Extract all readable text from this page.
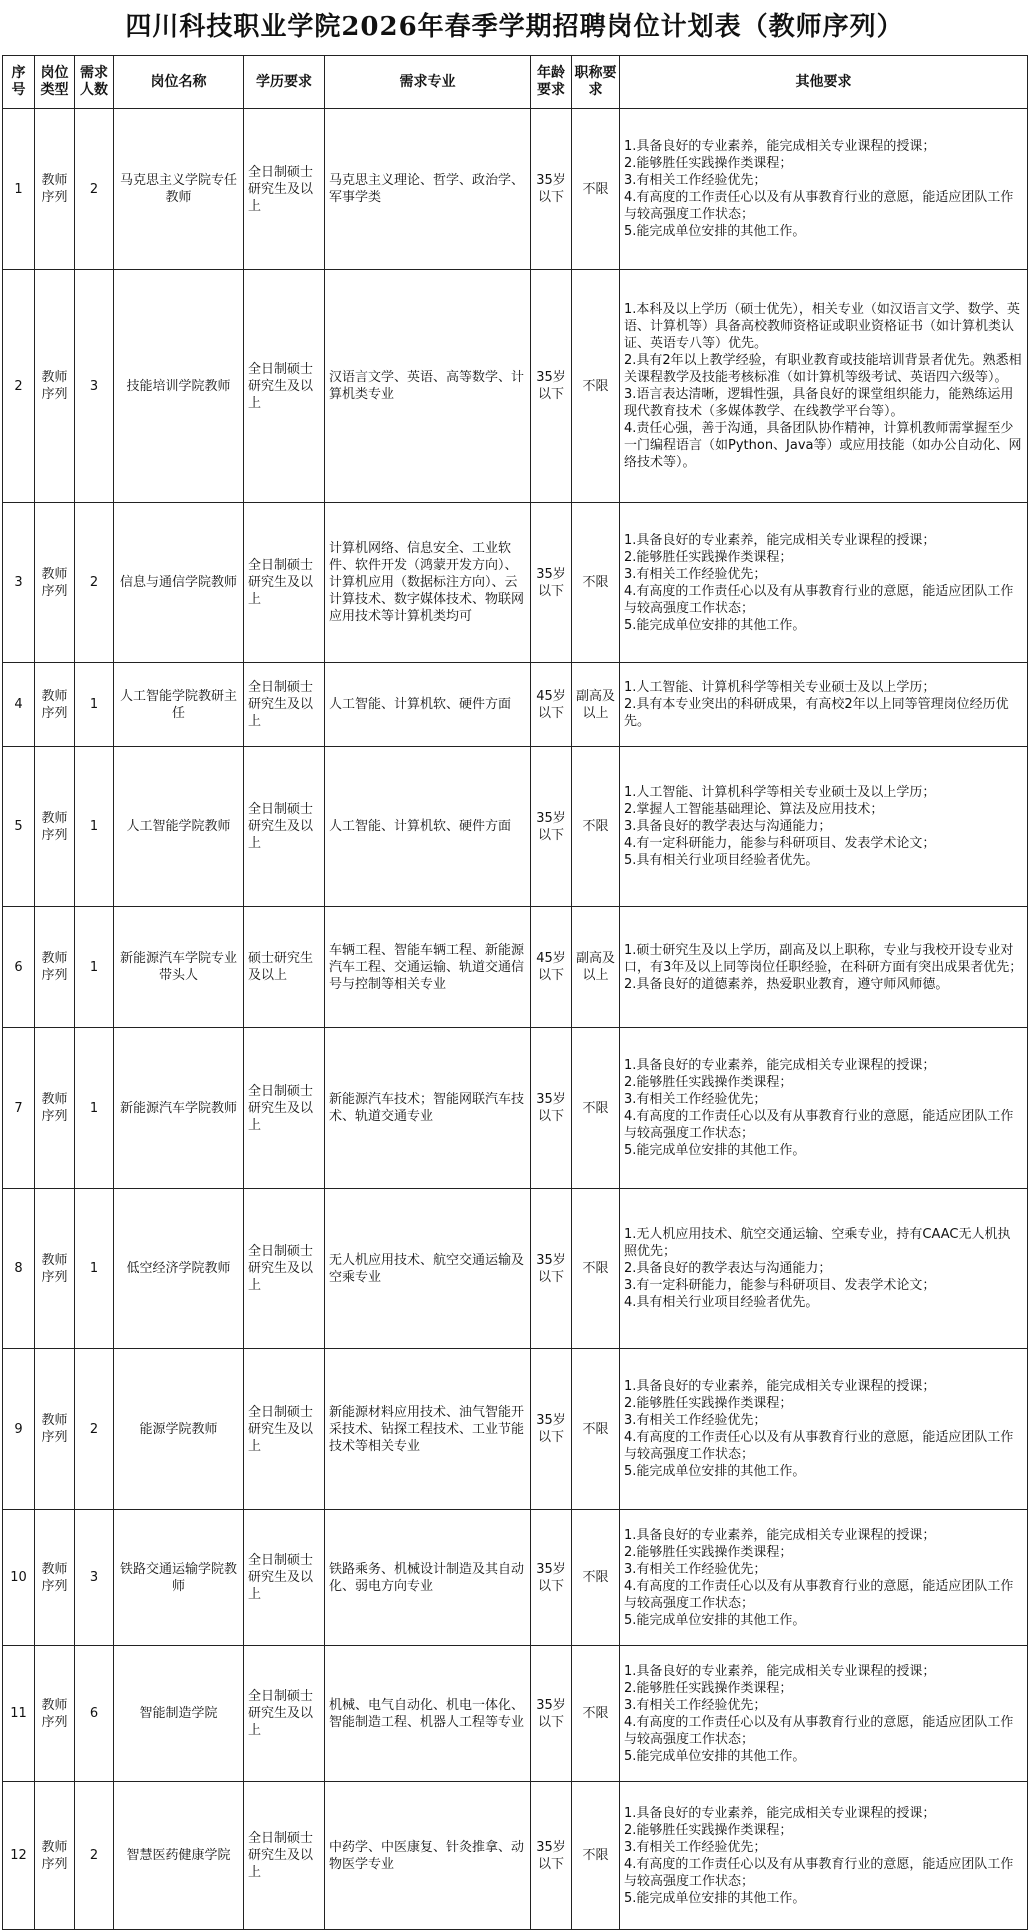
四川科技职业学院2026年春季学期招聘岗位计划表（教师序列）
序号	岗位类型	需求人数	岗位名称	学历要求	需求专业	年龄要求	职称要求	其他要求
1	教师序列	2	马克思主义学院专任教师	全日制硕士研究生及以上	马克思主义理论、哲学、政治学、军事学类	35岁以下	不限	1.具备良好的专业素养，能完成相关专业课程的授课；
2.能够胜任实践操作类课程；
3.有相关工作经验优先；
4.有高度的工作责任心以及有从事教育行业的意愿，能适应团队工作与较高强度工作状态；
5.能完成单位安排的其他工作。

2	教师序列	3	技能培训学院教师	全日制硕士研究生及以上	汉语言文学、英语、高等数学、计算机类专业	35岁以下	不限	1.本科及以上学历（硕士优先），相关专业（如汉语言文学、数学、英语、计算机等）具备高校教师资格证或职业资格证书（如计算机类认证、英语专八等）优先。
2.具有2年以上教学经验，有职业教育或技能培训背景者优先。熟悉相关课程教学及技能考核标准（如计算机等级考试、英语四六级等）。
3.语言表达清晰，逻辑性强，具备良好的课堂组织能力，能熟练运用现代教育技术（多媒体教学、在线教学平台等）。
4.责任心强，善于沟通，具备团队协作精神，计算机教师需掌握至少一门编程语言（如Python、Java等）或应用技能（如办公自动化、网络技术等）。

3	教师序列	2	信息与通信学院教师	全日制硕士研究生及以上	计算机网络、信息安全、工业软件、软件开发（鸿蒙开发方向）、计算机应用（数据标注方向）、云计算技术、数字媒体技术、物联网应用技术等计算机类均可	35岁以下	不限	1.具备良好的专业素养，能完成相关专业课程的授课；
2.能够胜任实践操作类课程；
3.有相关工作经验优先；
4.有高度的工作责任心以及有从事教育行业的意愿，能适应团队工作与较高强度工作状态；
5.能完成单位安排的其他工作。

4	教师序列	1	人工智能学院教研主任	全日制硕士研究生及以上	人工智能、计算机软、硬件方面	45岁以下	副高及以上	1.人工智能、计算机科学等相关专业硕士及以上学历；
2.具有本专业突出的科研成果，有高校2年以上同等管理岗位经历优先。

5	教师序列	1	人工智能学院教师	全日制硕士研究生及以上	人工智能、计算机软、硬件方面	35岁以下	不限	1.人工智能、计算机科学等相关专业硕士及以上学历；
2.掌握人工智能基础理论、算法及应用技术；
3.具备良好的教学表达与沟通能力；
4.有一定科研能力，能参与科研项目、发表学术论文；
5.具有相关行业项目经验者优先。

6	教师序列	1	新能源汽车学院专业带头人	硕士研究生及以上	车辆工程、智能车辆工程、新能源汽车工程、交通运输、轨道交通信号与控制等相关专业	45岁以下	副高及以上	1.硕士研究生及以上学历，副高及以上职称，专业与我校开设专业对口，有3年及以上同等岗位任职经验，在科研方面有突出成果者优先；
2.具备良好的道德素养，热爱职业教育，遵守师风师德。

7	教师序列	1	新能源汽车学院教师	全日制硕士研究生及以上	新能源汽车技术；智能网联汽车技术、轨道交通专业	35岁以下	不限	1.具备良好的专业素养，能完成相关专业课程的授课；
2.能够胜任实践操作类课程；
3.有相关工作经验优先；
4.有高度的工作责任心以及有从事教育行业的意愿，能适应团队工作与较高强度工作状态；
5.能完成单位安排的其他工作。

8	教师序列	1	低空经济学院教师	全日制硕士研究生及以上	无人机应用技术、航空交通运输及空乘专业	35岁以下	不限	1.无人机应用技术、航空交通运输、空乘专业，持有CAAC无人机执照优先；
2.具备良好的教学表达与沟通能力；
3.有一定科研能力，能参与科研项目、发表学术论文；
4.具有相关行业项目经验者优先。

9	教师序列	2	能源学院教师	全日制硕士研究生及以上	新能源材料应用技术、油气智能开采技术、钻探工程技术、工业节能技术等相关专业	35岁以下	不限	1.具备良好的专业素养，能完成相关专业课程的授课；
2.能够胜任实践操作类课程；
3.有相关工作经验优先；
4.有高度的工作责任心以及有从事教育行业的意愿，能适应团队工作与较高强度工作状态；
5.能完成单位安排的其他工作。

10	教师序列	3	铁路交通运输学院教师	全日制硕士研究生及以上	铁路乘务、机械设计制造及其自动化、弱电方向专业	35岁以下	不限	1.具备良好的专业素养，能完成相关专业课程的授课；
2.能够胜任实践操作类课程；
3.有相关工作经验优先；
4.有高度的工作责任心以及有从事教育行业的意愿，能适应团队工作与较高强度工作状态；
5.能完成单位安排的其他工作。

11	教师序列	6	智能制造学院	全日制硕士研究生及以上	机械、电气自动化、机电一体化、智能制造工程、机器人工程等专业	35岁以下	不限	1.具备良好的专业素养，能完成相关专业课程的授课；
2.能够胜任实践操作类课程；
3.有相关工作经验优先；
4.有高度的工作责任心以及有从事教育行业的意愿，能适应团队工作与较高强度工作状态；
5.能完成单位安排的其他工作。

12	教师序列	2	智慧医药健康学院	全日制硕士研究生及以上	中药学、中医康复、针灸推拿、动物医学专业	35岁以下	不限	1.具备良好的专业素养，能完成相关专业课程的授课；
2.能够胜任实践操作类课程；
3.有相关工作经验优先；
4.有高度的工作责任心以及有从事教育行业的意愿，能适应团队工作与较高强度工作状态；
5.能完成单位安排的其他工作。
